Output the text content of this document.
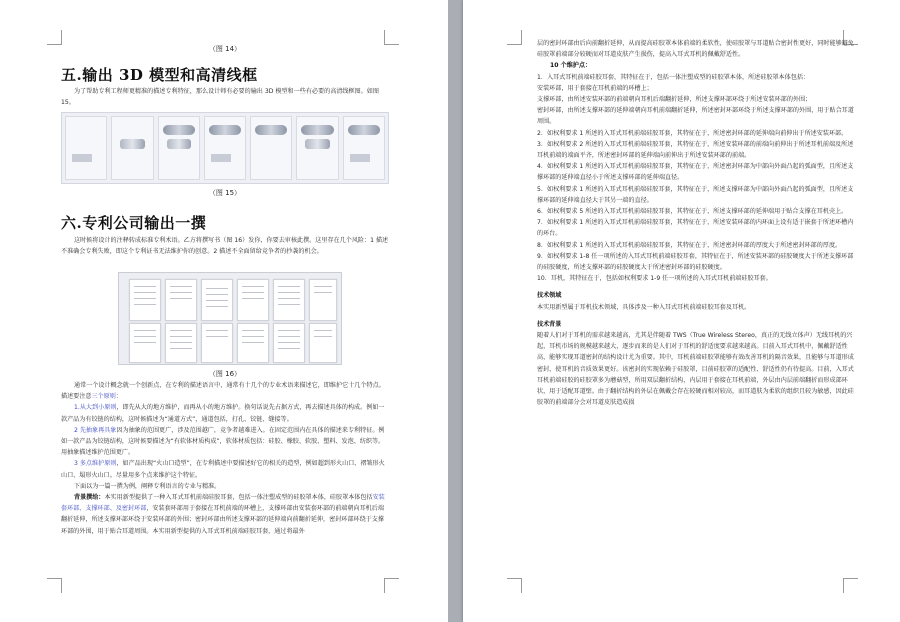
（图 14）
五.输出 3D 模型和高清线框
为了帮助专利工程师更精准的描述专利特征，那么设计师有必要的输出 3D 模型和一些有必要的高清线框图。如图 15。
（图 15）
六.专利公司输出一撰
这时候将设计的注释转成标准专利术语。乙方将撰写书（图 16）发你，你要去审核此撰。这里存在几个风险：1 描述不准确会专利失败，即这个专利证书无法维护你的创意。2 描述不全面留给竞争者的抄袭的机会。
（图 16）

通常一个设计概念就一个创新点，在专利的描述语言中，通常有十几个的专业术语来描述它，即维护它十几个特点。描述要注意三个原则：

1.从大到小原则，即先从大的地方维护，而再从小的地方维护。换句话说先占据方式，再去描述具体的构成。例如一款产品为有铰链的结构，这时候描述为“通道方式”，通道包括，打孔、铰链、缝接等。

2 先抽象再具象因为抽象的范围更广，涉及范围越广，竞争者越难进入。在固定范围内在具体的描述来专利特征。例如一款产品为铰链结构，这时候要描述为“有软体材质构成”，软体材质包括：硅胶、橡胶、软胶、塑料、发泡、纺织等。用抽象描述维护范围更广。

3 多点维护原则，如产品出现“火山口造型”，在专利描述中要描述好它的相关的造型，例如超到形火山口、褶皱形火山口、塌形火山口。尽量用多个点来维护这个特征。

下面以为一篇一撰为例，阐释专利语言的专业与精准。

背景撰给：本实用新型提供了一种入耳式耳机前端硅胶耳套，包括一体注塑成型的硅胶罩本体，硅胶罩本体包括安装套环部、支撑环部、及密封环部，安装套环部用于套接在耳机前端的环槽上，支撑环部由安装套环部的前端朝向耳机后端翻折延伸，所述支撑环部环绕于安装环部的外围；密封环部由所述支撑环部的延伸端向前翻折延伸，密封环部环绕于支撑环部的外围，用于贴合耳道周围。本实用新型提供的入耳式耳机前端硅胶耳套，通过将最外

层的密封环部由后向前翻折延伸，从而提高硅胶罩本体前端的柔软性，使硅胶罩与耳道贴合密封性更好，同时能够避免硅胶罩前端部分较硬而对耳道皮肤产生损伤，提高入耳式耳机的佩戴舒适性。

10 个维护点：

1．入耳式耳机前端硅胶耳套，其特征在于，包括一体注塑成型的硅胶罩本体，所述硅胶罩本体包括：

安装环部，用于套接在耳机前端的环槽上；

支撑环部，由所述安装环部的前端朝向耳机后端翻折延伸，所述支撑环部环绕于所述安装环部的外围；

密封环部，由所述支撑环部的延伸端朝向耳机前端翻折延伸，所述密封环部环绕于所述支撑环部的外围，用于贴合耳道周围。

2．如权利要求 1 所述的入耳式耳机前端硅胶耳套，其特征在于，所述密封环部的延伸端向前伸出于所述安装环部。

3．如权利要求 2 所述的入耳式耳机前端硅胶耳套，其特征在于，所述安装环部的前端向前伸出于所述耳机前端及所述耳机前端的端面平齐，所述密封环部的延伸端向前伸出于所述安装环部的前端。

4．如权利要求 1 所述的入耳式耳机前端硅胶耳套，其特征在于，所述密封环部为中部向外面凸起的弧面型，且所述支撑环部的延伸端直径小于所述支撑环部的延伸端直径。

5．如权利要求 1 所述的入耳式耳机前端硅胶耳套，其特征在于，所述支撑环部为中部向外面凸起的弧面型，且所述支撑环部的延伸端直径大于其另一端的直径。

6．如权利要求 5 所述的入耳式耳机前端硅胶耳套，其特征在于，所述支撑环部的延伸端用于贴合支撑在耳机壳上。

7．如权利要求 1 所述的入耳式耳机前端硅胶耳套，其特征在于，所述安装环部的内环面上设有适于嵌套于所述环槽内的环台。

8．如权利要求 1 所述的入耳式耳机前端硅胶耳套，其特征在于，所述密封环部的厚度大于所述密封环部的厚度。

9．如权利要求 1-8 任一项所述的入耳式耳机前端硅胶耳套，其特征在于，所述安装环部的硅胶硬度大于所述支撑环部的硅胶硬度，所述支撑环部的硅胶硬度大于所述密封环部的硅胶硬度。

10．耳机，其特征在于，包括如权利要求 1-9 任一项所述的入耳式耳机前端硅胶耳套。

技术领域

本实用新型属于耳机技术领域，具体涉及一种入耳式耳机前端硅胶耳套及耳机。

技术背景

随着人们对于耳机的需求越来越高，尤其是伴随着 TWS（True Wireless Stereo，真正的无线立体声）无线耳机的兴起，耳机市场的规模越来越大，逐步而来的是人们对于耳机的舒适度要求越来越高。目前入耳式耳机中，佩戴舒适性高，能够实现耳道密封的结构设计尤为重要。其中，耳机前端硅胶罩能够有效改善耳机的隔音效果，且能够与耳道形成密封，使耳机的音质效果更好。该密封的实现依赖于硅胶罩，目前硅胶罩的适配性、舒适性仍有待提高。目前，入耳式耳机前端硅胶的硅胶罩多为蘑菇型，所用双层翻折结构，内层用于套接在耳机前端，外层由内层前端翻折而形成部环状，用于适配耳道壁。由于翻折结构的外层在佩戴会存在较硬而相对较高，而耳道肤为柔软的组织且较为敏感，因此硅胶罩的前端部分会对耳道皮肤造成损
